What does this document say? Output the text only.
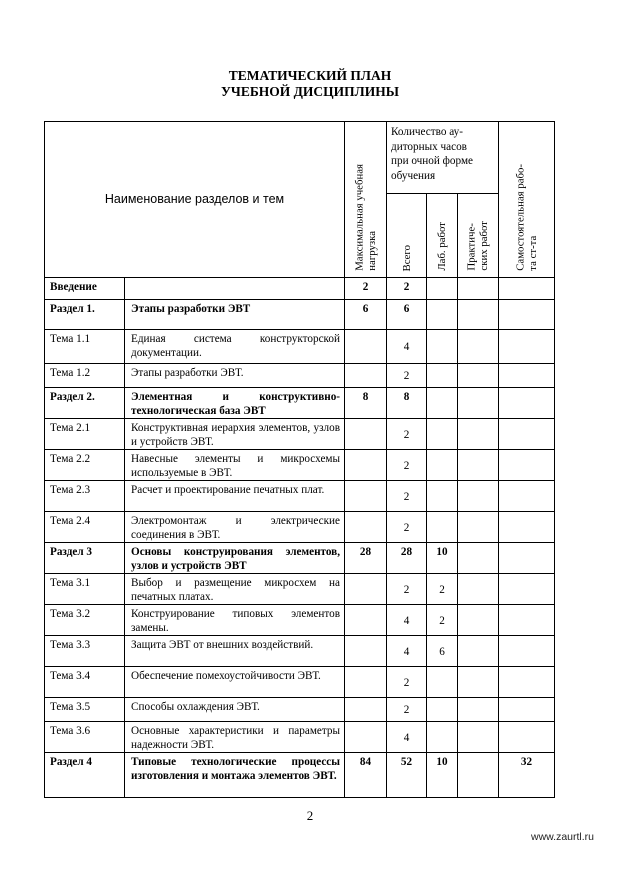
ТЕМАТИЧЕСКИЙ ПЛАН
УЧЕБНОЙ ДИСЦИПЛИНЫ
Наименование разделов и тем		Максимальная учебная
нагрузка	Количество ау-
диторных часов
при очной форме
обучения			Самостоятельная рабо-
та ст-та

			Всего	Лаб. работ	Практиче-
ских работ	

Введение		2	2			
Раздел 1.	Этапы разработки ЭВТ	6	6			
Тема 1.1	Единая система конструкторской документации.		4			
Тема 1.2	Этапы разработки ЭВТ.		2			
Раздел 2.	Элементная и конструктивно-технологическая база ЭВТ	8	8			
Тема 2.1	Конструктивная иерархия элементов, узлов и устройств ЭВТ.		2			
Тема 2.2	Навесные элементы и микросхемы используемые в ЭВТ.		2			
Тема 2.3	Расчет и проектирование печатных плат.		2			
Тема 2.4	Электромонтаж и электрические соединения в ЭВТ.		2			
Раздел 3	Основы конструирования элементов, узлов и устройств ЭВТ	28	28	10		
Тема 3.1	Выбор и размещение микросхем на печатных платах.		2	2		
Тема 3.2	Конструирование типовых элементов замены.		4	2		
Тема 3.3	Защита ЭВТ от внешних воздействий.		4	6		
Тема 3.4	Обеспечение помехоустойчивости ЭВТ.		2			
Тема 3.5	Способы охлаждения ЭВТ.		2			
Тема 3.6	Основные характеристики и параметры надежности ЭВТ.		4			
Раздел 4	Типовые технологические процессы изготовления и монтажа элементов ЭВТ.	84	52	10		32
2
www.zaurtl.ru
